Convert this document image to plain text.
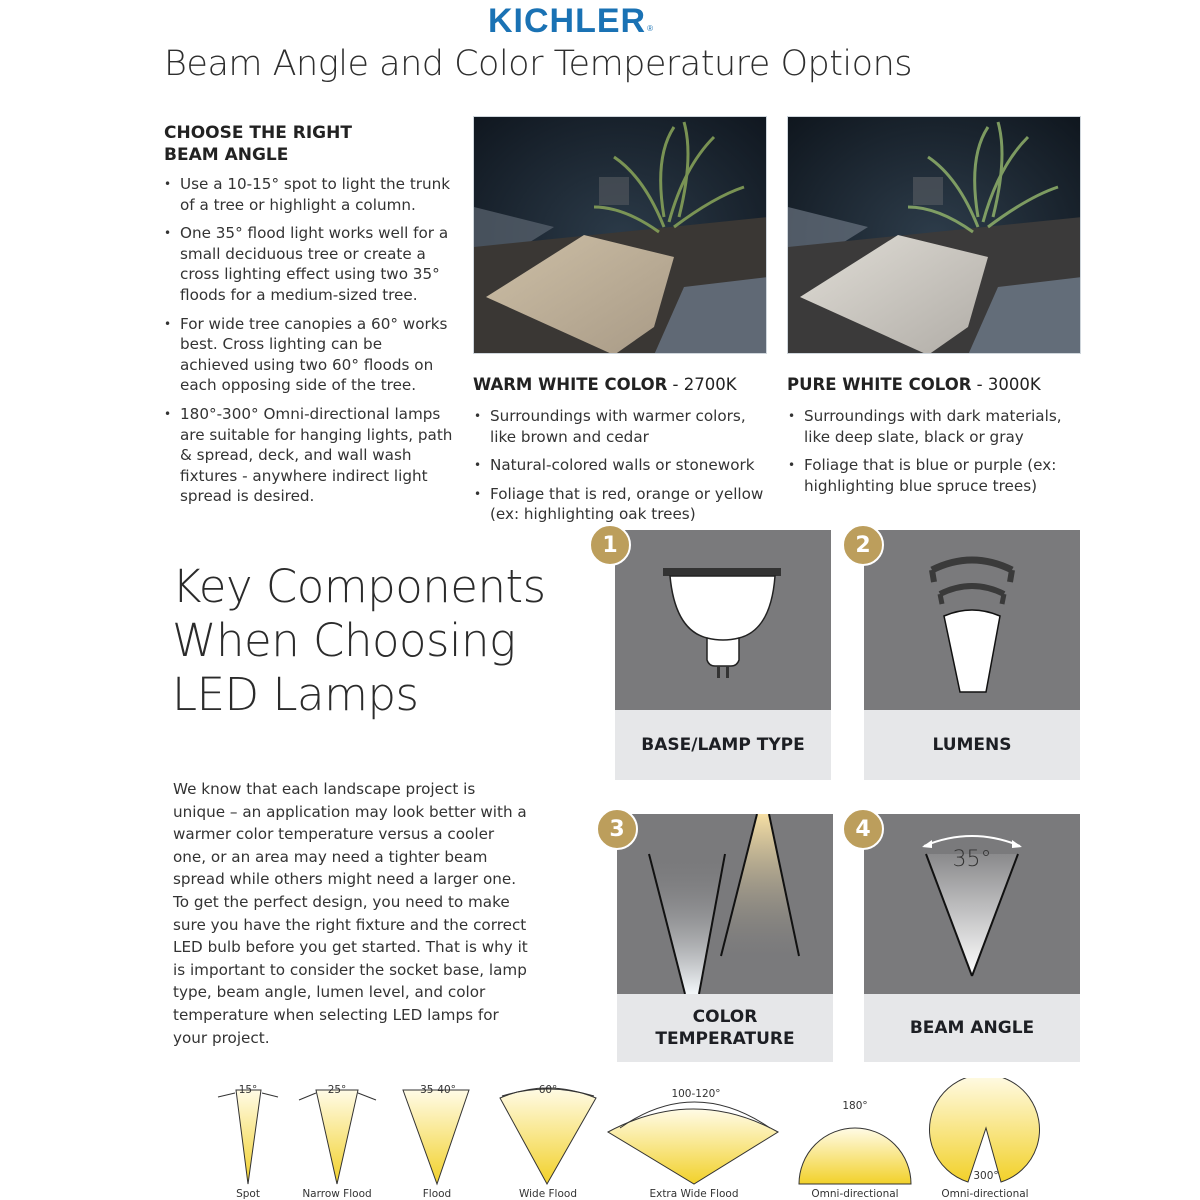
KICHLER®
Beam Angle and Color Temperature Options
CHOOSE THE RIGHT
BEAM ANGLE
• Use a 10-15° spot to light the trunk of a tree or highlight a column.
• One 35° flood light works well for a small deciduous tree or create a cross lighting effect using two 35° floods for a medium-sized tree.
• For wide tree canopies a 60° works best. Cross lighting can be achieved using two 60° floods on each opposing side of the tree.
• 180°-300° Omni-directional lamps are suitable for hanging lights, path & spread, deck, and wall wash fixtures - anywhere indirect light spread is desired.
WARM WHITE COLOR - 2700K
• Surroundings with warmer colors, like brown and cedar
• Natural-colored walls or stonework
• Foliage that is red, orange or yellow (ex: highlighting oak trees)
PURE WHITE COLOR - 3000K
• Surroundings with dark materials, like deep slate, black or gray
• Foliage that is blue or purple (ex: highlighting blue spruce trees)
Key Components
When Choosing
LED Lamps

We know that each landscape project is unique – an application may look better with a warmer color temperature versus a cooler one, or an area may need a tighter beam spread while others might need a larger one. To get the perfect design, you need to make sure you have the right fixture and the correct LED bulb before you get started. That is why it is important to consider the socket base, lamp type, beam angle, lumen level, and color temperature when selecting LED lamps for your project.

BASE/LAMP TYPE
1
LUMENS
2
COLOR
TEMPERATURE
3
35°
BEAM ANGLE
4
15°	25°	35-40°	60°	100-120°
180°
300°
Spot	Narrow Flood	Flood	Wide Flood	Extra Wide Flood	Omni-directional	Omni-directional
